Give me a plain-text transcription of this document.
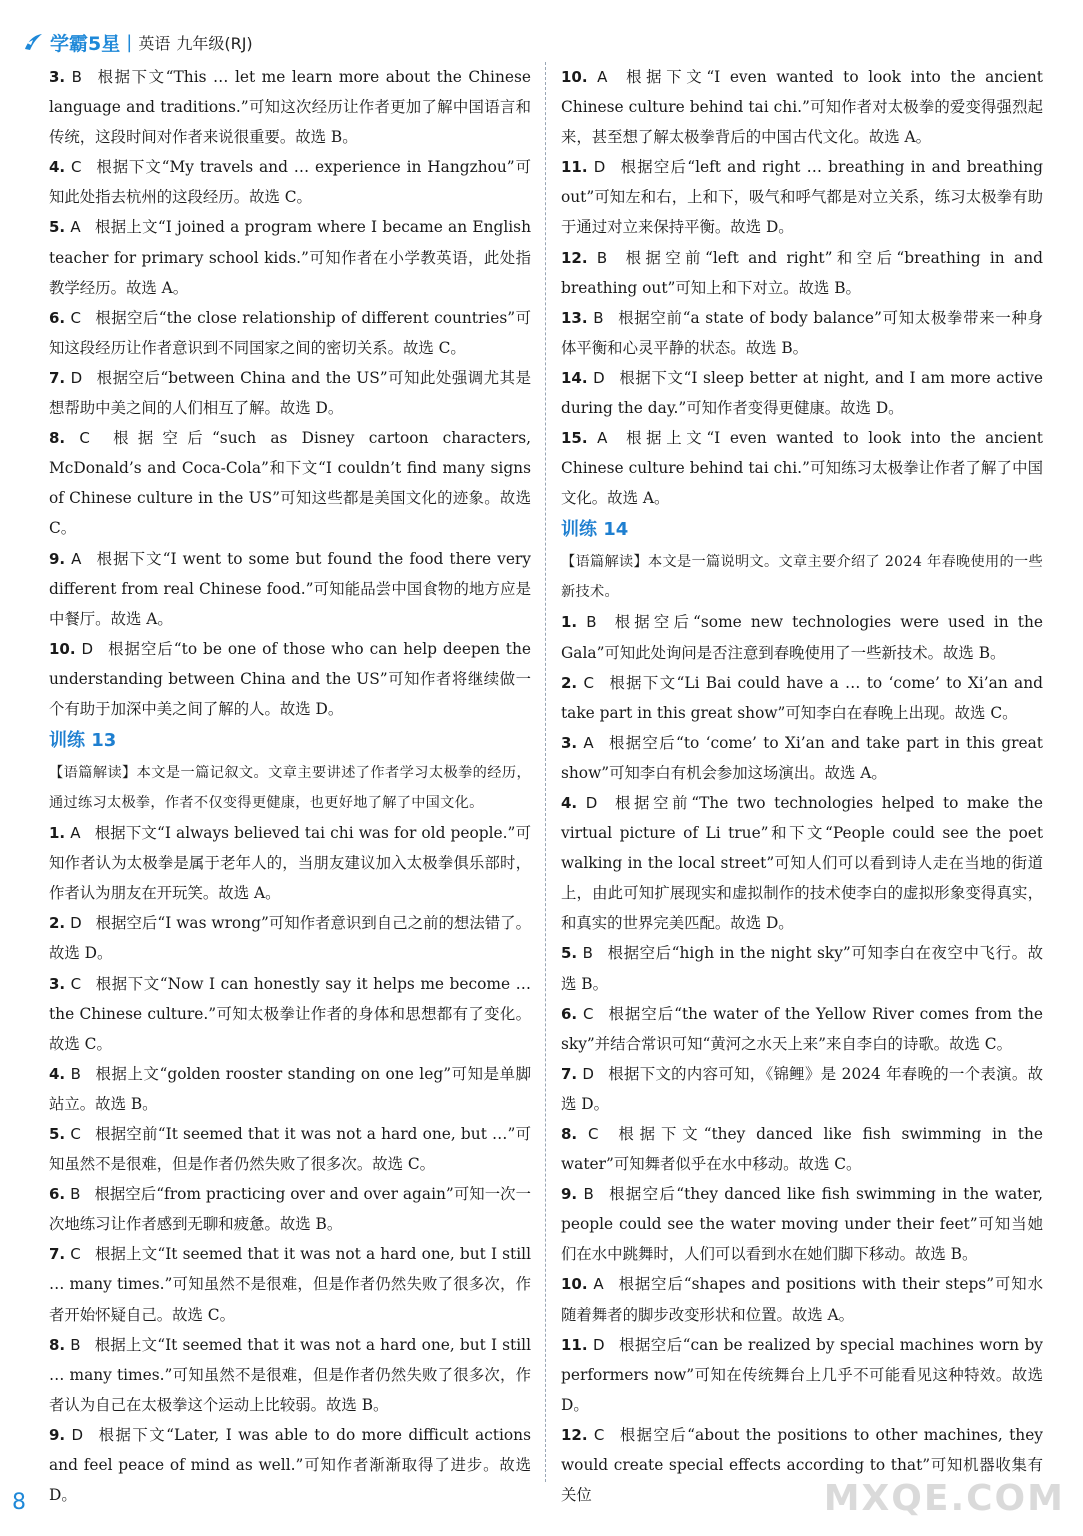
学霸5星 | 英语 九年级(RJ)

3. B 根据下文“This … let me learn more about the Chinese language and traditions.”可知这次经历让作者更加了解中国语言和传统，这段时间对作者来说很重要。故选 B。

4. C 根据下文“My travels and … experience in Hangzhou”可知此处指去杭州的这段经历。故选 C。

5. A 根据上文“I joined a program where I became an English teacher for primary school kids.”可知作者在小学教英语，此处指教学经历。故选 A。

6. C 根据空后“the close relationship of different countries”可知这段经历让作者意识到不同国家之间的密切关系。故选 C。

7. D 根据空后“between China and the US”可知此处强调尤其是想帮助中美之间的人们相互了解。故选 D。

8. C 根据空后“such as Disney cartoon characters, McDonald’s and Coca-Cola”和下文“I couldn’t find many signs of Chinese culture in the US”可知这些都是美国文化的迹象。故选 C。

9. A 根据下文“I went to some but found the food there very different from real Chinese food.”可知能品尝中国食物的地方应是中餐厅。故选 A。

10. D 根据空后“to be one of those who can help deepen the understanding between China and the US”可知作者将继续做一个有助于加深中美之间了解的人。故选 D。

训练 13
【语篇解读】本文是一篇记叙文。文章主要讲述了作者学习太极拳的经历，通过练习太极拳，作者不仅变得更健康，也更好地了解了中国文化。

1. A 根据下文“I always believed tai chi was for old people.”可知作者认为太极拳是属于老年人的，当朋友建议加入太极拳俱乐部时，作者认为朋友在开玩笑。故选 A。

2. D 根据空后“I was wrong”可知作者意识到自己之前的想法错了。故选 D。

3. C 根据下文“Now I can honestly say it helps me become … the Chinese culture.”可知太极拳让作者的身体和思想都有了变化。故选 C。

4. B 根据上文“golden rooster standing on one leg”可知是单脚站立。故选 B。

5. C 根据空前“It seemed that it was not a hard one, but …”可知虽然不是很难，但是作者仍然失败了很多次。故选 C。

6. B 根据空后“from practicing over and over again”可知一次一次地练习让作者感到无聊和疲惫。故选 B。

7. C 根据上文“It seemed that it was not a hard one, but I still … many times.”可知虽然不是很难，但是作者仍然失败了很多次，作者开始怀疑自己。故选 C。

8. B 根据上文“It seemed that it was not a hard one, but I still … many times.”可知虽然不是很难，但是作者仍然失败了很多次，作者认为自己在太极拳这个运动上比较弱。故选 B。

9. D 根据下文“Later, I was able to do more difficult actions and feel peace of mind as well.”可知作者渐渐取得了进步。故选 D。

10. A 根据下文“I even wanted to look into the ancient Chinese culture behind tai chi.”可知作者对太极拳的爱变得强烈起来，甚至想了解太极拳背后的中国古代文化。故选 A。

11. D 根据空后“left and right … breathing in and breathing out”可知左和右，上和下，吸气和呼气都是对立关系，练习太极拳有助于通过对立来保持平衡。故选 D。

12. B 根据空前“left and right”和空后“breathing in and breathing out”可知上和下对立。故选 B。

13. B 根据空前“a state of body balance”可知太极拳带来一种身体平衡和心灵平静的状态。故选 B。

14. D 根据下文“I sleep better at night, and I am more active during the day.”可知作者变得更健康。故选 D。

15. A 根据上文“I even wanted to look into the ancient Chinese culture behind tai chi.”可知练习太极拳让作者了解了中国文化。故选 A。

训练 14
【语篇解读】本文是一篇说明文。文章主要介绍了 2024 年春晚使用的一些新技术。

1. B 根据空后“some new technologies were used in the Gala”可知此处询问是否注意到春晚使用了一些新技术。故选 B。

2. C 根据下文“Li Bai could have a … to ‘come’ to Xi’an and take part in this great show”可知李白在春晚上出现。故选 C。

3. A 根据空后“to ‘come’ to Xi’an and take part in this great show”可知李白有机会参加这场演出。故选 A。

4. D 根据空前“The two technologies helped to make the virtual picture of Li true”和下文“People could see the poet walking in the local street”可知人们可以看到诗人走在当地的街道上，由此可知扩展现实和虚拟制作的技术使李白的虚拟形象变得真实，和真实的世界完美匹配。故选 D。

5. B 根据空后“high in the night sky”可知李白在夜空中飞行。故选 B。

6. C 根据空后“the water of the Yellow River comes from the sky”并结合常识可知“黄河之水天上来”来自李白的诗歌。故选 C。

7. D 根据下文的内容可知，《锦鲤》是 2024 年春晚的一个表演。故选 D。

8. C 根据下文“they danced like fish swimming in the water”可知舞者似乎在水中移动。故选 C。

9. B 根据空后“they danced like fish swimming in the water, people could see the water moving under their feet”可知当她们在水中跳舞时，人们可以看到水在她们脚下移动。故选 B。

10. A 根据空后“shapes and positions with their steps”可知水随着舞者的脚步改变形状和位置。故选 A。

11. D 根据空后“can be realized by special machines worn by performers now”可知在传统舞台上几乎不可能看见这种特效。故选 D。

12. C 根据空后“about the positions to other machines, they would create special effects according to that”可知机器收集有关位

8	MXQE.COM
